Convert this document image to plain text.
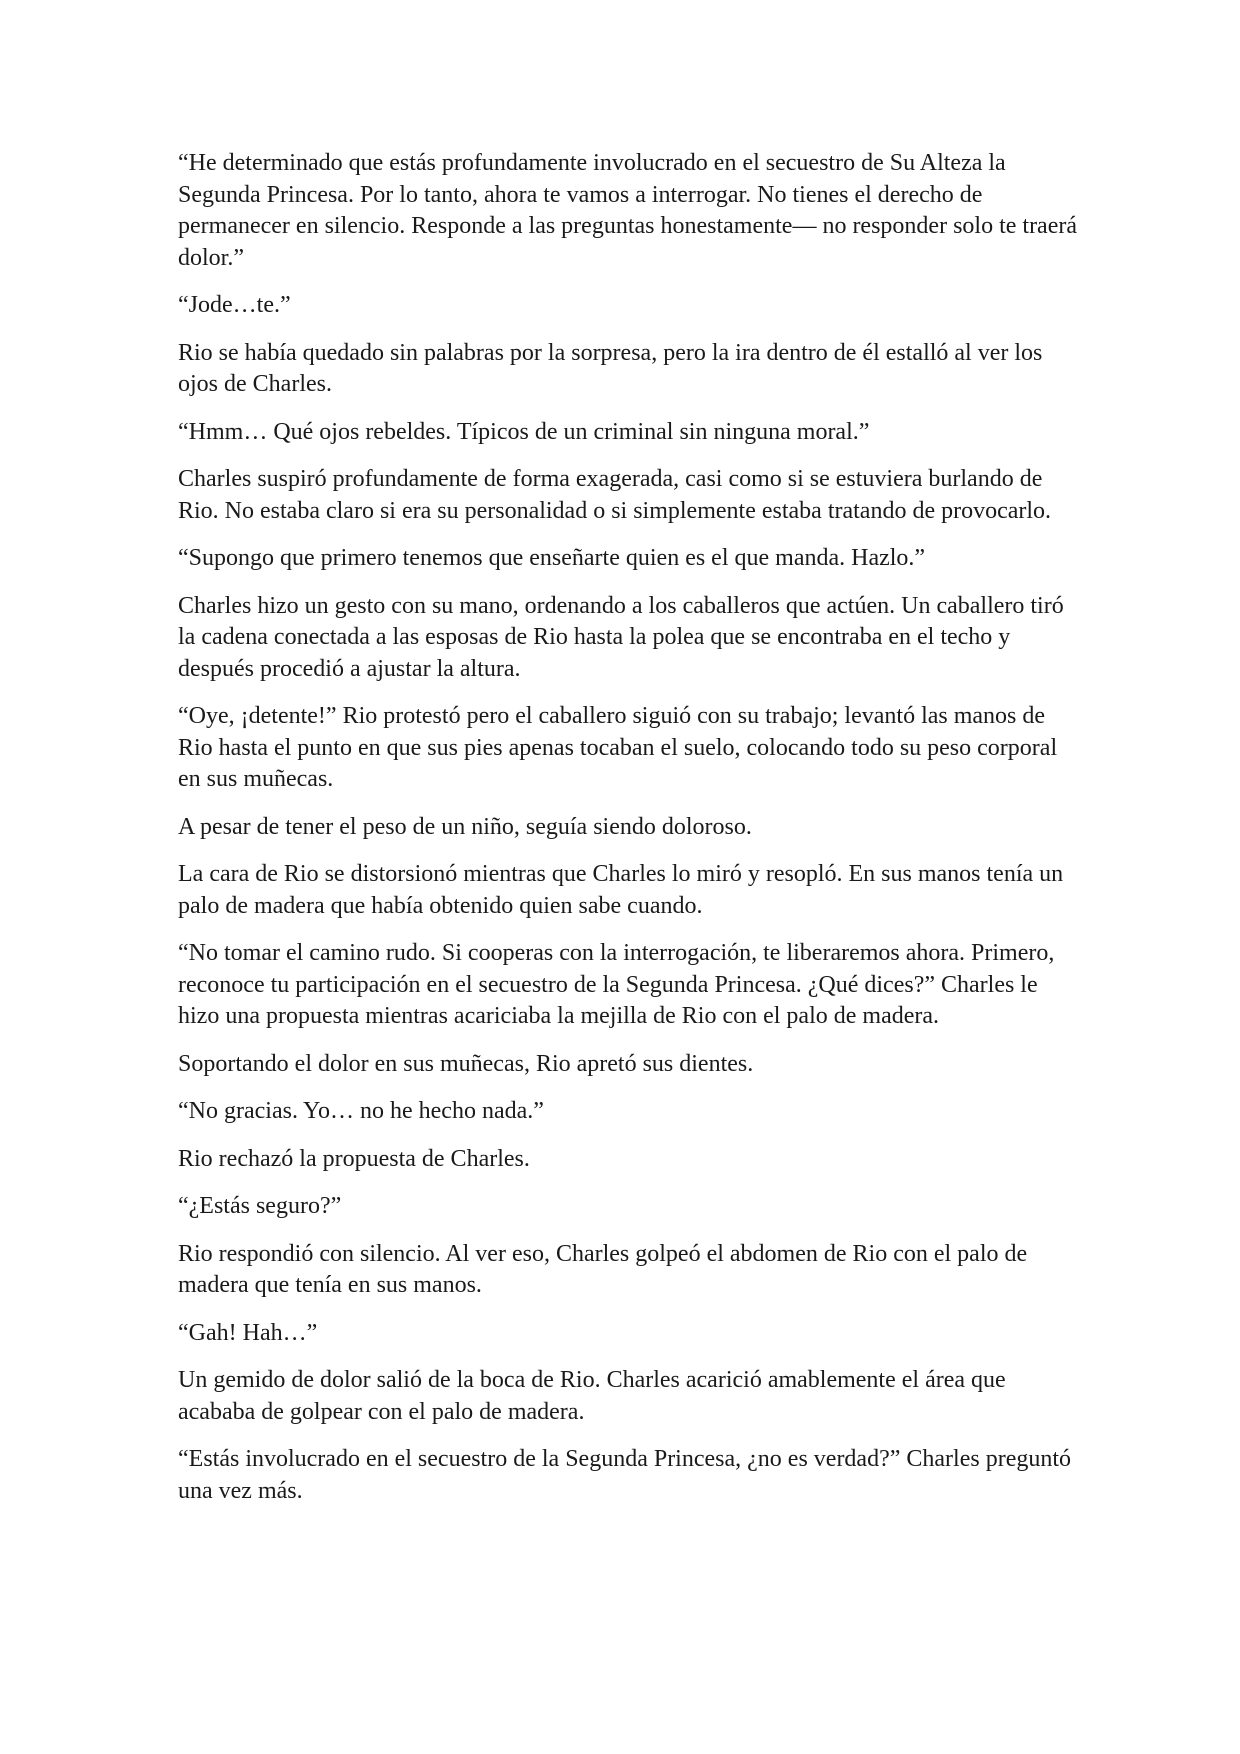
“He determinado que estás profundamente involucrado en el secuestro de Su Alteza la Segunda Princesa. Por lo tanto, ahora te vamos a interrogar. No tienes el derecho de permanecer en silencio. Responde a las preguntas honestamente— no responder solo te traerá dolor.”

“Jode…te.”

Rio se había quedado sin palabras por la sorpresa, pero la ira dentro de él estalló al ver los ojos de Charles.

“Hmm… Qué ojos rebeldes. Típicos de un criminal sin ninguna moral.”

Charles suspiró profundamente de forma exagerada, casi como si se estuviera burlando de Rio. No estaba claro si era su personalidad o si simplemente estaba tratando de provocarlo.

“Supongo que primero tenemos que enseñarte quien es el que manda. Hazlo.”

Charles hizo un gesto con su mano, ordenando a los caballeros que actúen. Un caballero tiró la cadena conectada a las esposas de Rio hasta la polea que se encontraba en el techo y después procedió a ajustar la altura.

“Oye, ¡detente!” Rio protestó pero el caballero siguió con su trabajo; levantó las manos de Rio hasta el punto en que sus pies apenas tocaban el suelo, colocando todo su peso corporal en sus muñecas.

A pesar de tener el peso de un niño, seguía siendo doloroso.

La cara de Rio se distorsionó mientras que Charles lo miró y resopló. En sus manos tenía un palo de madera que había obtenido quien sabe cuando.

“No tomar el camino rudo. Si cooperas con la interrogación, te liberaremos ahora. Primero, reconoce tu participación en el secuestro de la Segunda Princesa. ¿Qué dices?” Charles le hizo una propuesta mientras acariciaba la mejilla de Rio con el palo de madera.

Soportando el dolor en sus muñecas, Rio apretó sus dientes.

“No gracias. Yo… no he hecho nada.”

Rio rechazó la propuesta de Charles.

“¿Estás seguro?”

Rio respondió con silencio. Al ver eso, Charles golpeó el abdomen de Rio con el palo de madera que tenía en sus manos.

“Gah! Hah…”

Un gemido de dolor salió de la boca de Rio. Charles acarició amablemente el área que acababa de golpear con el palo de madera.

“Estás involucrado en el secuestro de la Segunda Princesa, ¿no es verdad?” Charles preguntó una vez más.
